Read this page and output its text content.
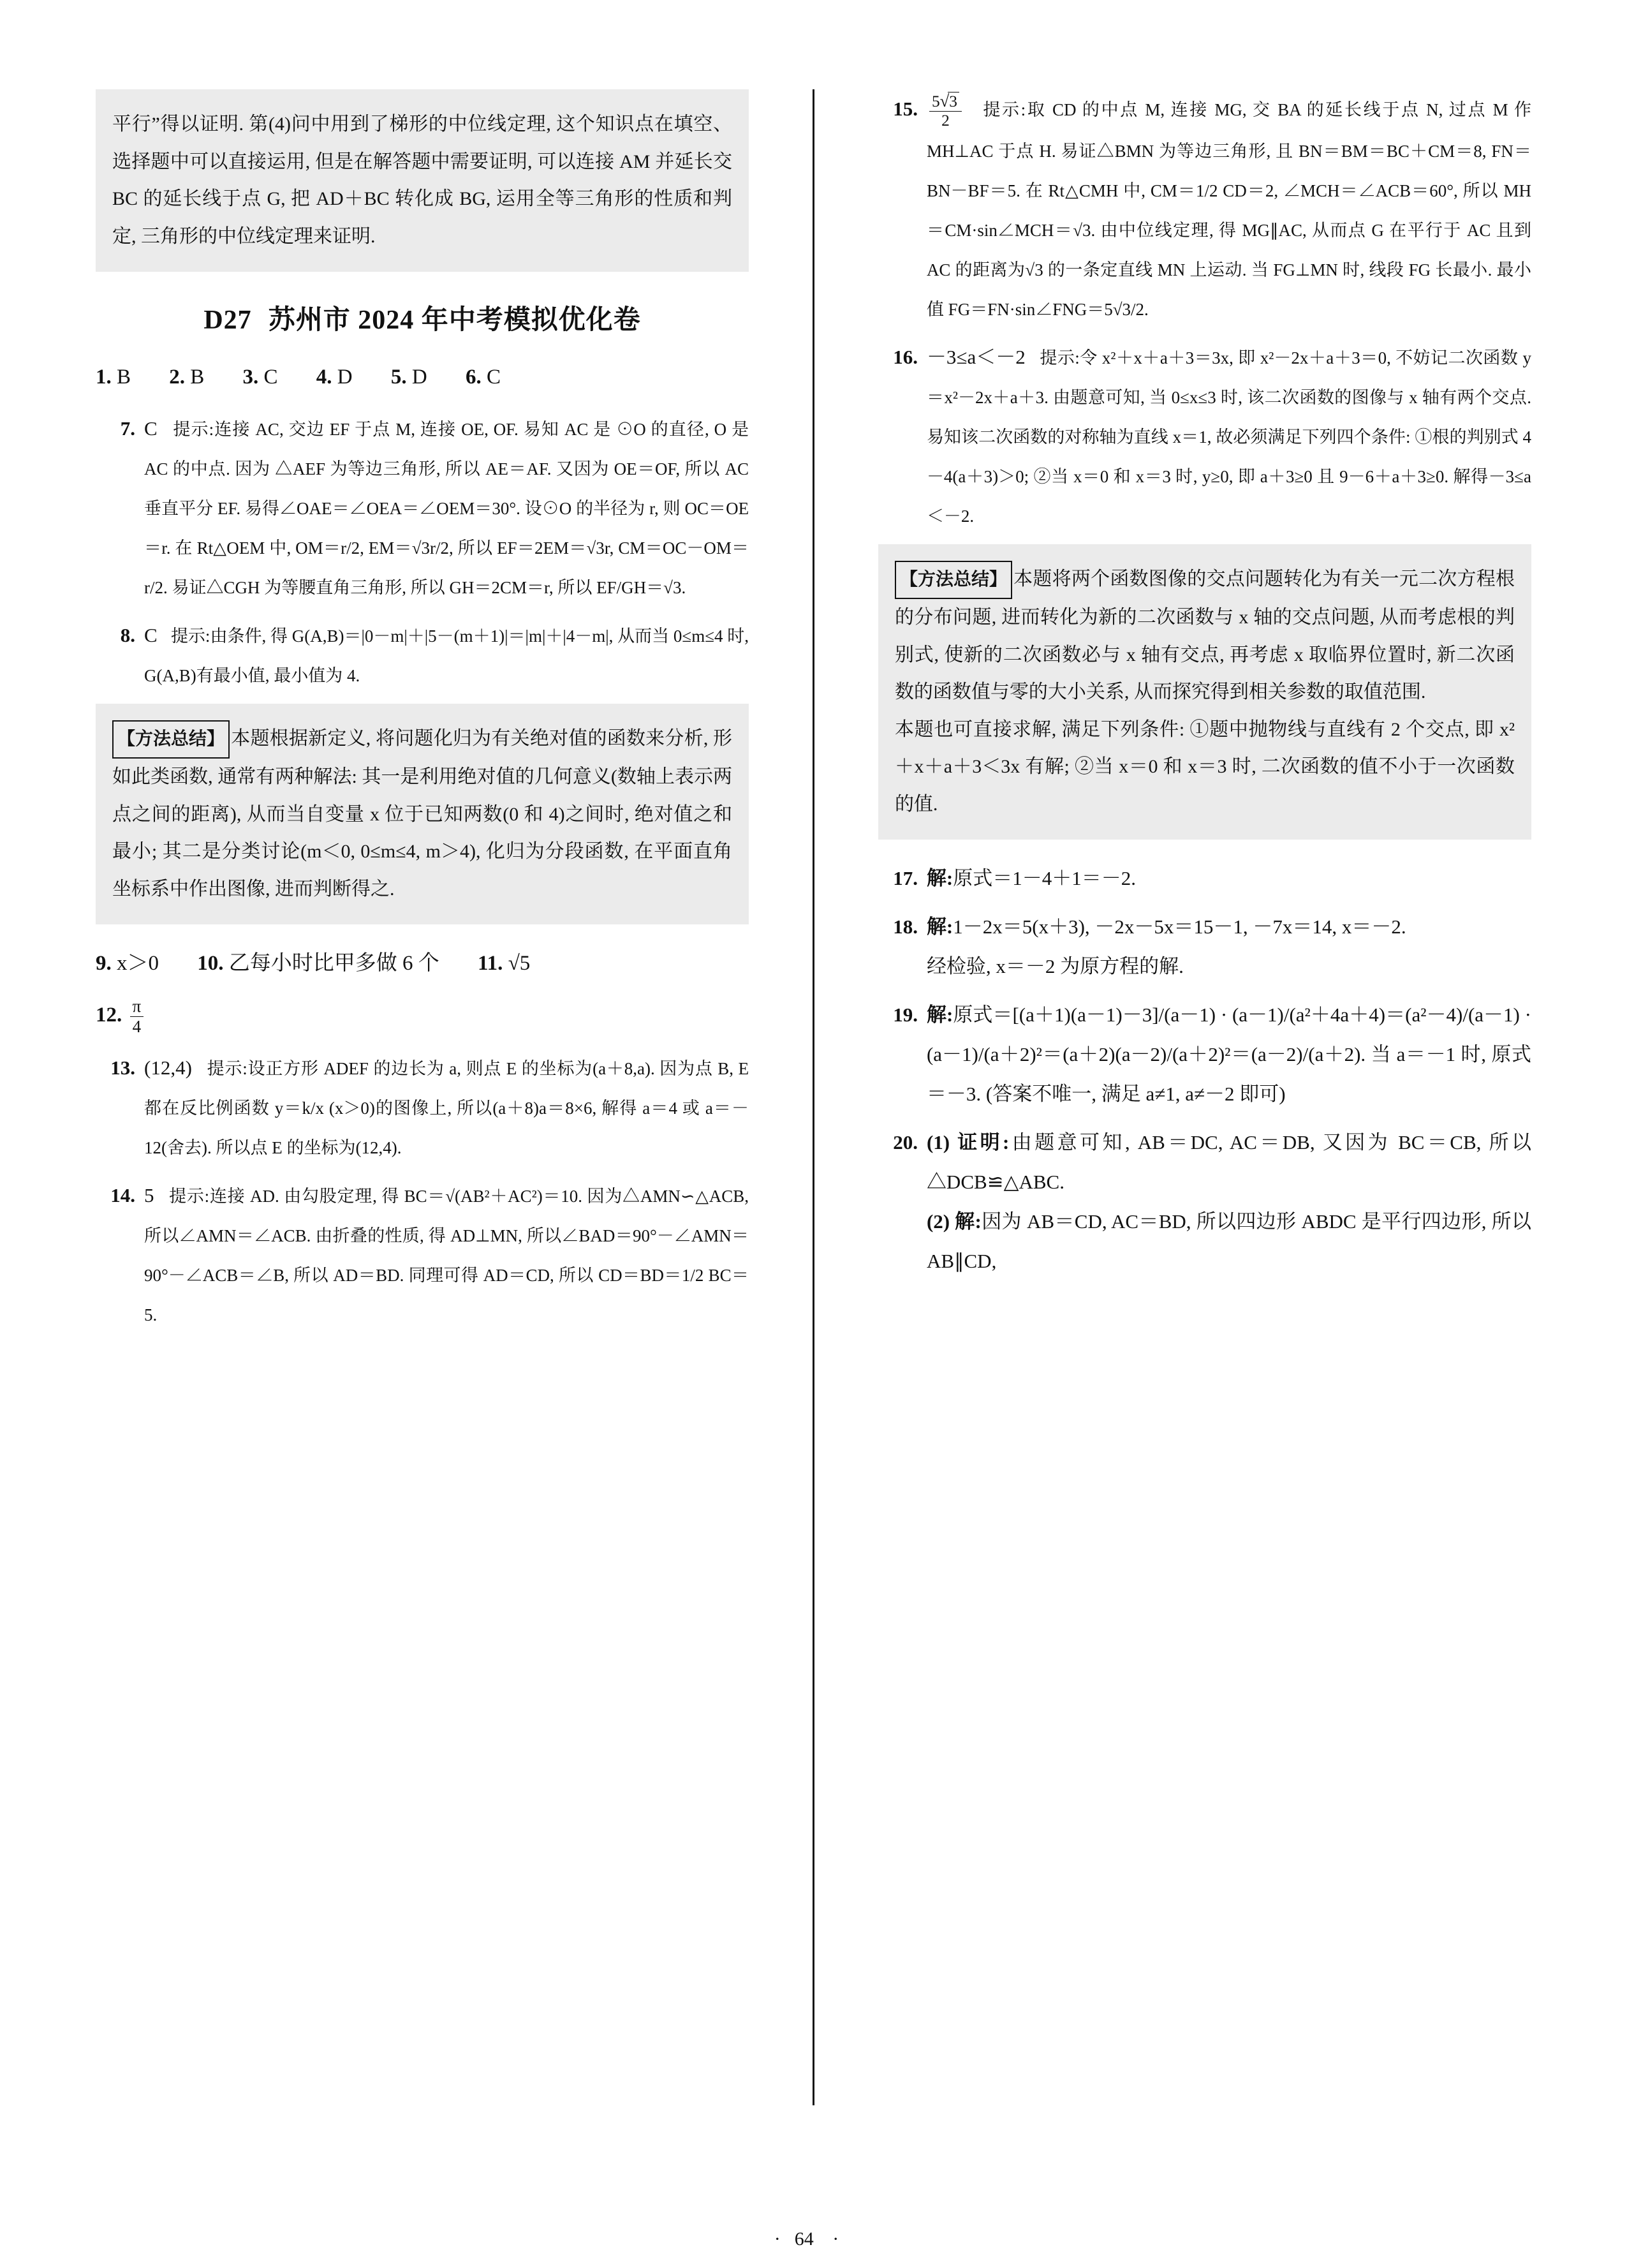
平行”得以证明. 第(4)问中用到了梯形的中位线定理, 这个知识点在填空、选择题中可以直接运用, 但是在解答题中需要证明, 可以连接 AM 并延长交 BC 的延长线于点 G, 把 AD＋BC 转化成 BG, 运用全等三角形的性质和判定, 三角形的中位线定理来证明.

D27 苏州市 2024 年中考模拟优化卷
1. B 2. B 3. C 4. D 5. D 6. C
7. C 提示:连接 AC, 交边 EF 于点 M, 连接 OE, OF. 易知 AC 是 ⊙O 的直径, O 是 AC 的中点. 因为 △AEF 为等边三角形, 所以 AE＝AF. 又因为 OE＝OF, 所以 AC 垂直平分 EF. 易得∠OAE＝∠OEA＝∠OEM＝30°. 设⊙O 的半径为 r, 则 OC＝OE＝r. 在 Rt△OEM 中, OM＝r/2, EM＝√3r/2, 所以 EF＝2EM＝√3r, CM＝OC－OM＝r/2. 易证△CGH 为等腰直角三角形, 所以 GH＝2CM＝r, 所以 EF/GH＝√3.
8. C 提示:由条件, 得 G(A,B)＝|0－m|＋|5－(m＋1)|＝|m|＋|4－m|, 从而当 0≤m≤4 时, G(A,B)有最小值, 最小值为 4.

【方法总结】 本题根据新定义, 将问题化归为有关绝对值的函数来分析, 形如此类函数, 通常有两种解法: 其一是利用绝对值的几何意义(数轴上表示两点之间的距离), 从而当自变量 x 位于已知两数(0 和 4)之间时, 绝对值之和最小; 其二是分类讨论(m＜0, 0≤m≤4, m＞4), 化归为分段函数, 在平面直角坐标系中作出图像, 进而判断得之.

9. x＞0 10. 乙每小时比甲多做 6 个 11. √5
12. $\frac{\pi}{4}$
13. (12,4) 提示:设正方形 ADEF 的边长为 a, 则点 E 的坐标为(a＋8,a). 因为点 B, E 都在反比例函数 y＝k/x (x＞0)的图像上, 所以(a＋8)a＝8×6, 解得 a＝4 或 a＝－12(舍去). 所以点 E 的坐标为(12,4).
14. 5 提示:连接 AD. 由勾股定理, 得 BC＝√(AB²＋AC²)＝10. 因为△AMN∽△ACB, 所以∠AMN＝∠ACB. 由折叠的性质, 得 AD⊥MN, 所以∠BAD＝90°－∠AMN＝90°－∠ACB＝∠B, 所以 AD＝BD. 同理可得 AD＝CD, 所以 CD＝BD＝1/2 BC＝5.
15. $\frac{5√3}{2}$ 提示:取 CD 的中点 M, 连接 MG, 交 BA 的延长线于点 N, 过点 M 作 MH⊥AC 于点 H. 易证△BMN 为等边三角形, 且 BN＝BM＝BC＋CM＝8, FN＝BN－BF＝5. 在 Rt△CMH 中, CM＝1/2 CD＝2, ∠MCH＝∠ACB＝60°, 所以 MH＝CM·sin∠MCH＝√3. 由中位线定理, 得 MG∥AC, 从而点 G 在平行于 AC 且到 AC 的距离为√3 的一条定直线 MN 上运动. 当 FG⊥MN 时, 线段 FG 长最小. 最小值 FG＝FN·sin∠FNG＝5√3/2.
16. －3≤a＜－2 提示:令 x²＋x＋a＋3＝3x, 即 x²－2x＋a＋3＝0, 不妨记二次函数 y＝x²－2x＋a＋3. 由题意可知, 当 0≤x≤3 时, 该二次函数的图像与 x 轴有两个交点. 易知该二次函数的对称轴为直线 x＝1, 故必须满足下列四个条件: ①根的判别式 4－4(a＋3)＞0; ②当 x＝0 和 x＝3 时, y≥0, 即 a＋3≥0 且 9－6＋a＋3≥0. 解得－3≤a＜－2.

【方法总结】 本题将两个函数图像的交点问题转化为有关一元二次方程根的分布问题, 进而转化为新的二次函数与 x 轴的交点问题, 从而考虑根的判别式, 使新的二次函数必与 x 轴有交点, 再考虑 x 取临界位置时, 新二次函数的函数值与零的大小关系, 从而探究得到相关参数的取值范围.

本题也可直接求解, 满足下列条件: ①题中抛物线与直线有 2 个交点, 即 x²＋x＋a＋3＜3x 有解; ②当 x＝0 和 x＝3 时, 二次函数的值不小于一次函数的值.

17. 解:原式＝1－4＋1＝－2.
18. 解:1－2x＝5(x＋3), －2x－5x＝15－1, －7x＝14, x＝－2.
经检验, x＝－2 为原方程的解.
19. 解:原式＝[(a＋1)(a－1)－3]/(a－1) · (a－1)/(a²＋4a＋4)＝(a²－4)/(a－1) · (a－1)/(a＋2)²＝(a＋2)(a－2)/(a＋2)²＝(a－2)/(a＋2). 当 a＝－1 时, 原式＝－3. (答案不唯一, 满足 a≠1, a≠－2 即可)
20. (1) 证明:由题意可知, AB＝DC, AC＝DB, 又因为 BC＝CB, 所以△DCB≌△ABC.
(2) 解:因为 AB＝CD, AC＝BD, 所以四边形 ABDC 是平行四边形, 所以 AB∥CD,
·64 ·
